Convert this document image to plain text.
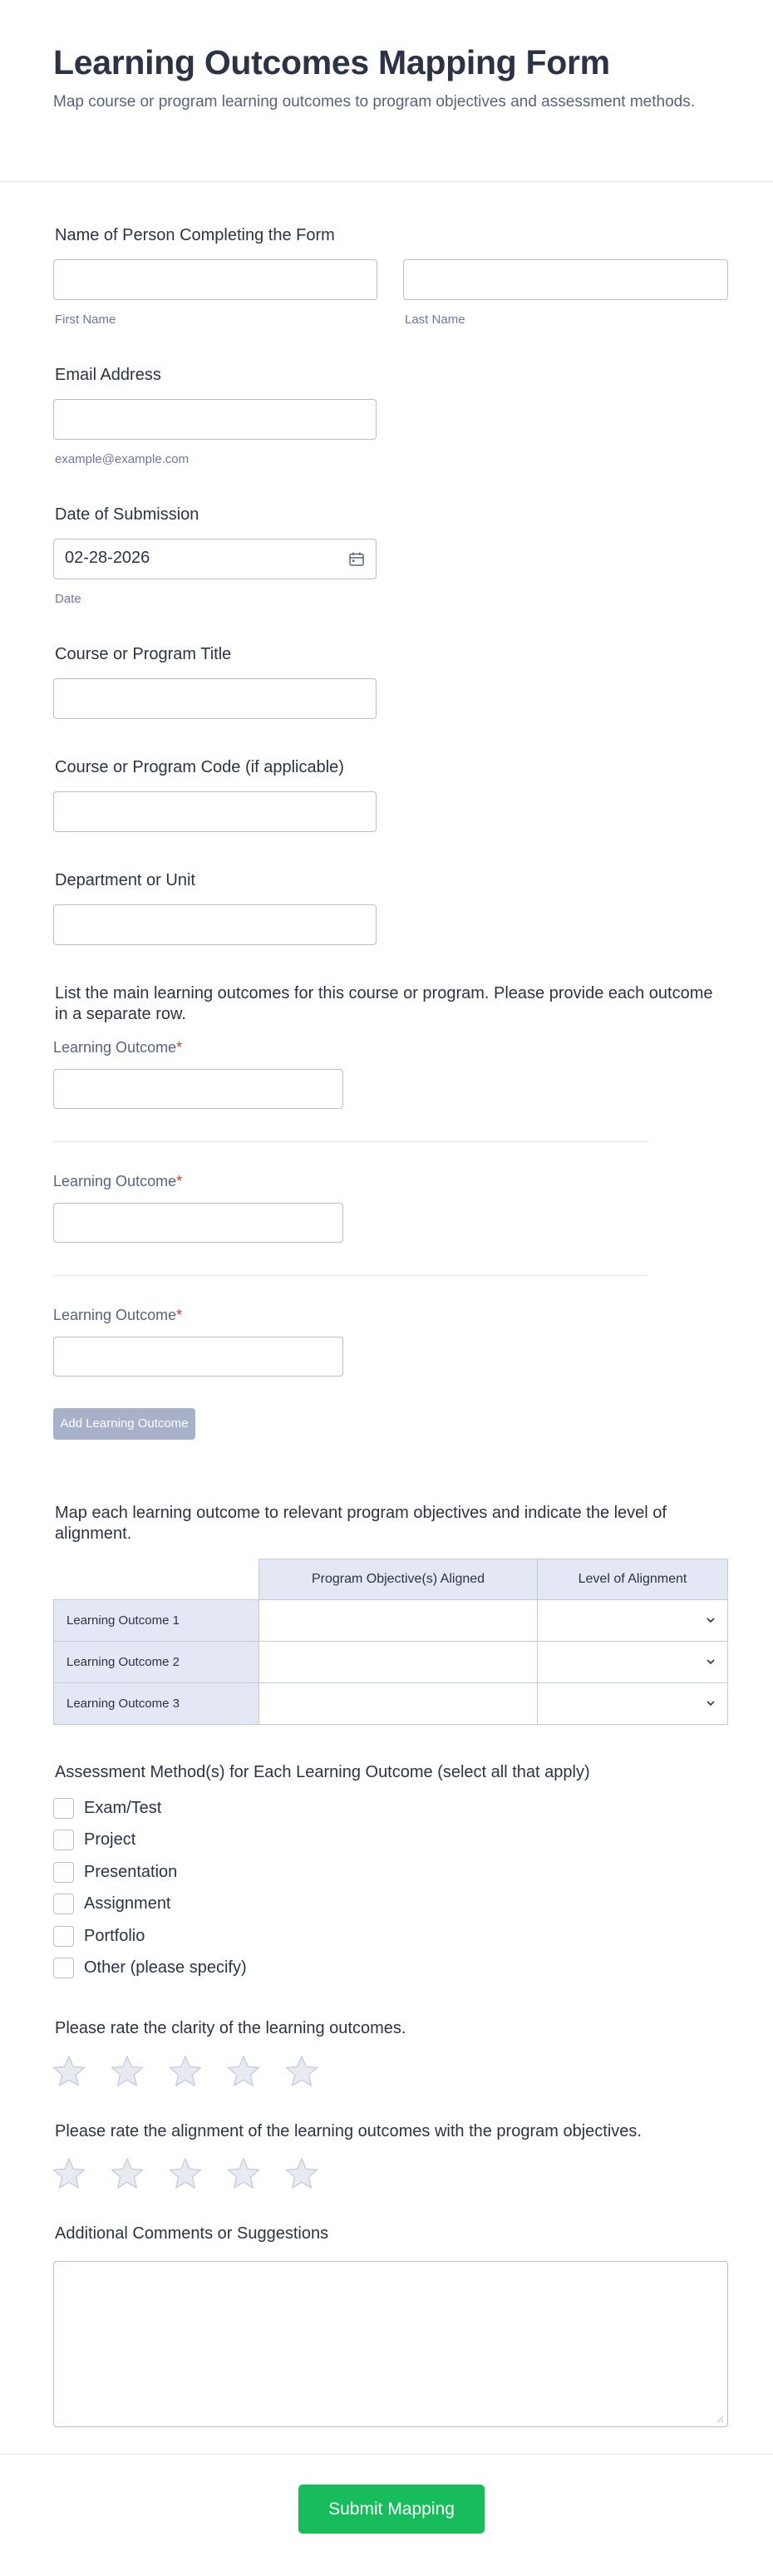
Learning Outcomes Mapping Form
Map course or program learning outcomes to program objectives and assessment methods.
Name of Person Completing the Form
First Name	Last Name
Email Address
example@example.com
Date of Submission
02-28-2026
Date
Course or Program Title
Course or Program Code (if applicable)
Department or Unit
List the main learning outcomes for this course or program. Please provide each outcome in a separate row.
Learning Outcome*
Learning Outcome*
Learning Outcome*
Add Learning Outcome
Map each learning outcome to relevant program objectives and indicate the level of alignment.
Program Objective(s) Aligned	Level of Alignment
Learning Outcome 1
Learning Outcome 2
Learning Outcome 3
Assessment Method(s) for Each Learning Outcome (select all that apply)
Exam/Test
Project
Presentation
Assignment
Portfolio
Other (please specify)
Please rate the clarity of the learning outcomes.
Please rate the alignment of the learning outcomes with the program objectives.
Additional Comments or Suggestions
Submit Mapping
